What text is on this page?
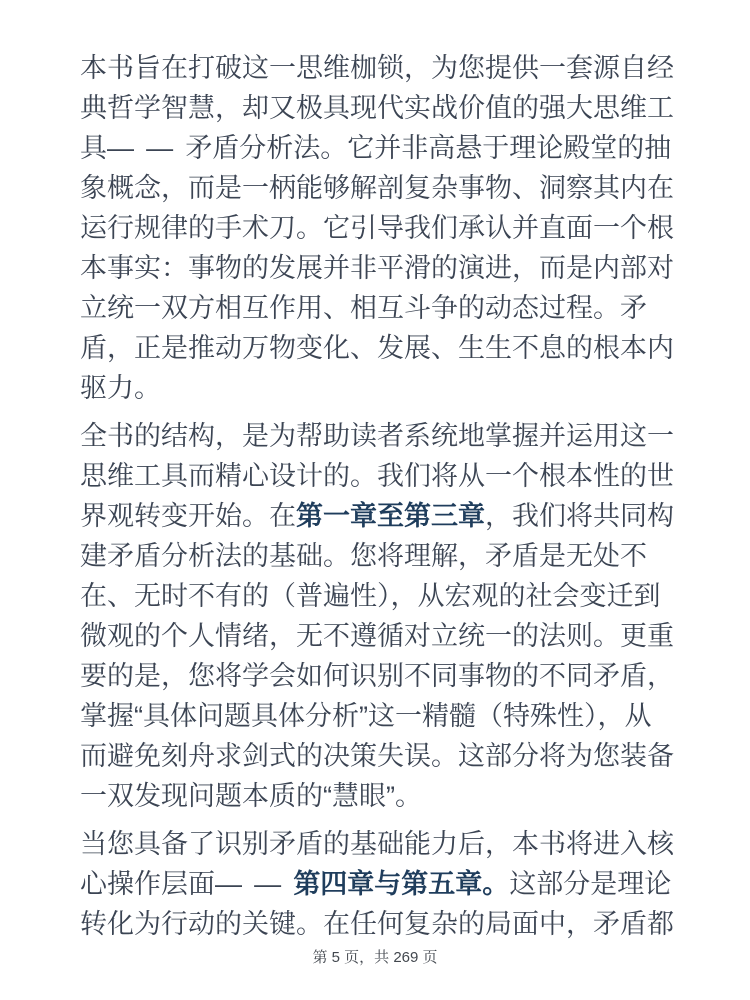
本书旨在打破这一思维枷锁，为您提供一套源自经典哲学智慧，却又极具现代实战价值的强大思维工具——矛盾分析法。它并非高悬于理论殿堂的抽象概念，而是一柄能够解剖复杂事物、洞察其内在运行规律的手术刀。它引导我们承认并直面一个根本事实：事物的发展并非平滑的演进，而是内部对立统一双方相互作用、相互斗争的动态过程。矛盾，正是推动万物变化、发展、生生不息的根本内驱力。

全书的结构，是为帮助读者系统地掌握并运用这一思维工具而精心设计的。我们将从一个根本性的世界观转变开始。在第一章至第三章，我们将共同构建矛盾分析法的基础。您将理解，矛盾是无处不在、无时不有的（普遍性），从宏观的社会变迁到微观的个人情绪，无不遵循对立统一的法则。更重要的是，您将学会如何识别不同事物的不同矛盾，掌握“具体问题具体分析”这一精髓（特殊性），从而避免刻舟求剑式的决策失误。这部分将为您装备一双发现问题本质的“慧眼”。

当您具备了识别矛盾的基础能力后，本书将进入核心操作层面——第四章与第五章。这部分是理论转化为行动的关键。在任何复杂的局面中，矛盾都

第 5 页，共 269 页
